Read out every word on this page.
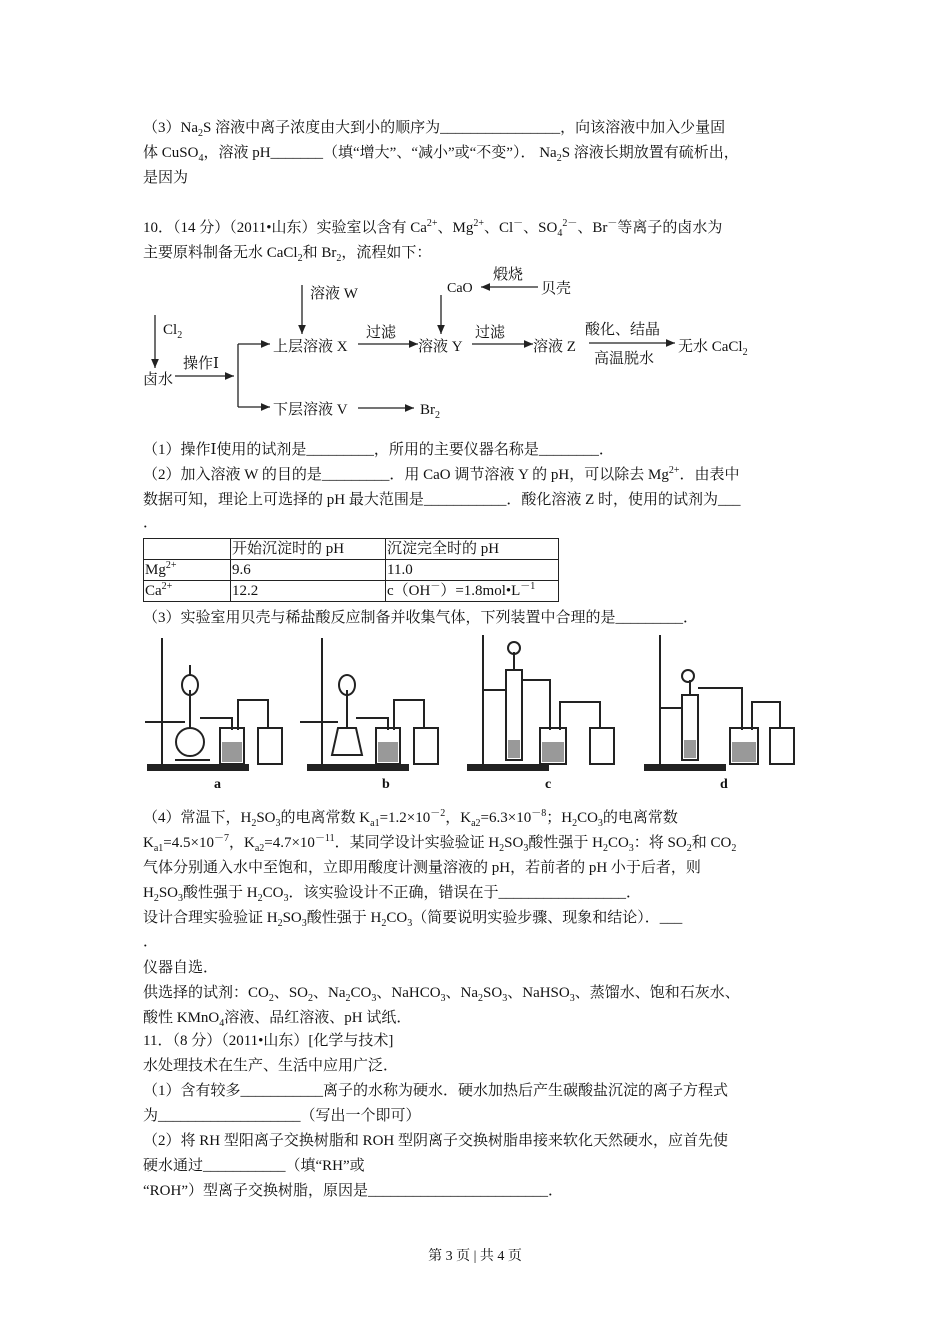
$(3)Na_2S$ 溶液中离子浓度由大到小的顺序为________________，向该溶液中加入少量固
体 CuSO$_4$，溶液 pH_______（填“增大”、“减小”或“不变”）． $Na_2S$ 溶液长期放置有硫析出，
是因为
10．（14 分）（2011•山东）实验室以含有 $Ca^{2+}$、$Mg^{2+}$、Cl－、$SO_4^{2-}$、Br－等离子的卤水为
主要原料制备无水 CaCl$_2$和 $Br_2$，流程如下：
$Cl_2$
卤水
操作Ⅰ
上层溶液 X
下层溶液 V
溶液 W
过滤
溶液 Y
CaO
煅烧
贝壳
过滤
溶液 Z
酸化、结晶
高温脱水
无水 CaCl$_2$
$Br_2$
（1）操作Ⅰ使用的试剂是_________，所用的主要仪器名称是________．
（2）加入溶液 W 的目的是_________．用 CaO 调节溶液 Y 的 pH，可以除去 $Mg^{2+}$．由表中
数据可知，理论上可选择的 pH 最大范围是___________．酸化溶液 Z 时，使用的试剂为___
．
	开始沉淀时的 pH	沉淀完全时的 pH
$Mg^{2+}$	9.6	11.0
$Ca^{2+}$	12.2	$c(OH^-)=1.8mol•L^{-1}$
（3）实验室用贝壳与稀盐酸反应制备并收集气体，下列装置中合理的是_________．
a	b	c	d
（4）常温下，$H_2SO_3$的电离常数 $K_{a1}=1.2\times 10^{-2}$，$K_{a2}=6.3\times 10^{-8}$；$H_2CO_3$的电离常数
$K_{a1}=4.5\times 10^{-7}$，$K_{a2}=4.7\times 10^{-11}$．某同学设计实验验证 $H_2SO_3$酸性强于 $H_2CO_3$：将 $SO_2$和 $CO_2$
气体分别通入水中至饱和，立即用酸度计测量溶液的 pH，若前者的 pH 小于后者，则
$H_2SO_3$酸性强于 $H_2CO_3$．该实验设计不正确，错误在于_________________．
设计合理实验验证 $H_2SO_3$酸性强于 $H_2CO_3$（简要说明实验步骤、现象和结论）．___
．
仪器自选．
供选择的试剂：$CO_2$、$SO_2$、$Na_2CO_3$、NaHCO$_3$、$Na_2SO_3$、NaHSO$_3$、蒸馏水、饱和石灰水、
酸性 KMnO$_4$溶液、品红溶液、pH 试纸．
11．（8 分）（2011•山东）[化学与技术]
水处理技术在生产、生活中应用广泛．
（1）含有较多___________离子的水称为硬水．硬水加热后产生碳酸盐沉淀的离子方程式
为___________________（写出一个即可）
（2）将 RH 型阳离子交换树脂和 ROH 型阴离子交换树脂串接来软化天然硬水，应首先使
硬水通过___________（填“RH”或
“ROH”）型离子交换树脂，原因是________________________．
第 3 页 | 共 4 页
